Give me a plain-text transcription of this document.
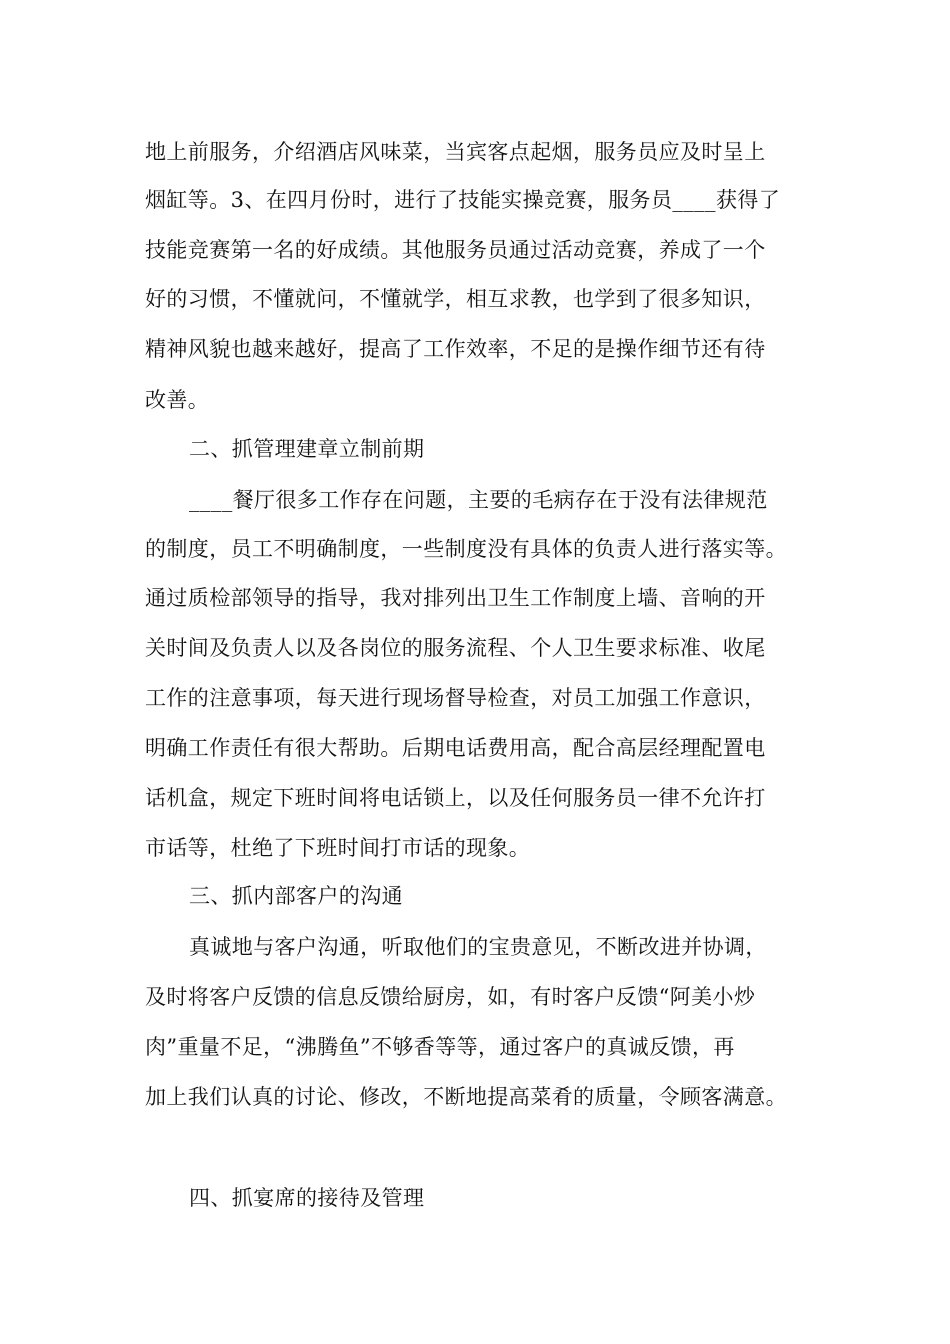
地上前服务，介绍酒店风味菜，当宾客点起烟，服务员应及时呈上
烟缸等。3、在四月份时，进行了技能实操竞赛，服务员____获得了
技能竞赛第一名的好成绩。其他服务员通过活动竞赛，养成了一个
好的习惯，不懂就问，不懂就学，相互求教，也学到了很多知识，
精神风貌也越来越好，提高了工作效率，不足的是操作细节还有待
改善。
二、抓管理建章立制前期
____餐厅很多工作存在问题，主要的毛病存在于没有法律规范
的制度，员工不明确制度，一些制度没有具体的负责人进行落实等。
通过质检部领导的指导，我对排列出卫生工作制度上墙、音响的开
关时间及负责人以及各岗位的服务流程、个人卫生要求标准、收尾
工作的注意事项，每天进行现场督导检查，对员工加强工作意识，
明确工作责任有很大帮助。后期电话费用高，配合高层经理配置电
话机盒，规定下班时间将电话锁上，以及任何服务员一律不允许打
市话等，杜绝了下班时间打市话的现象。
三、抓内部客户的沟通
真诚地与客户沟通，听取他们的宝贵意见，不断改进并协调，
及时将客户反馈的信息反馈给厨房，如，有时客户反馈“阿美小炒
肉”重量不足，“沸腾鱼”不够香等等，通过客户的真诚反馈，再
加上我们认真的讨论、修改，不断地提高菜肴的质量，令顾客满意。
四、抓宴席的接待及管理
